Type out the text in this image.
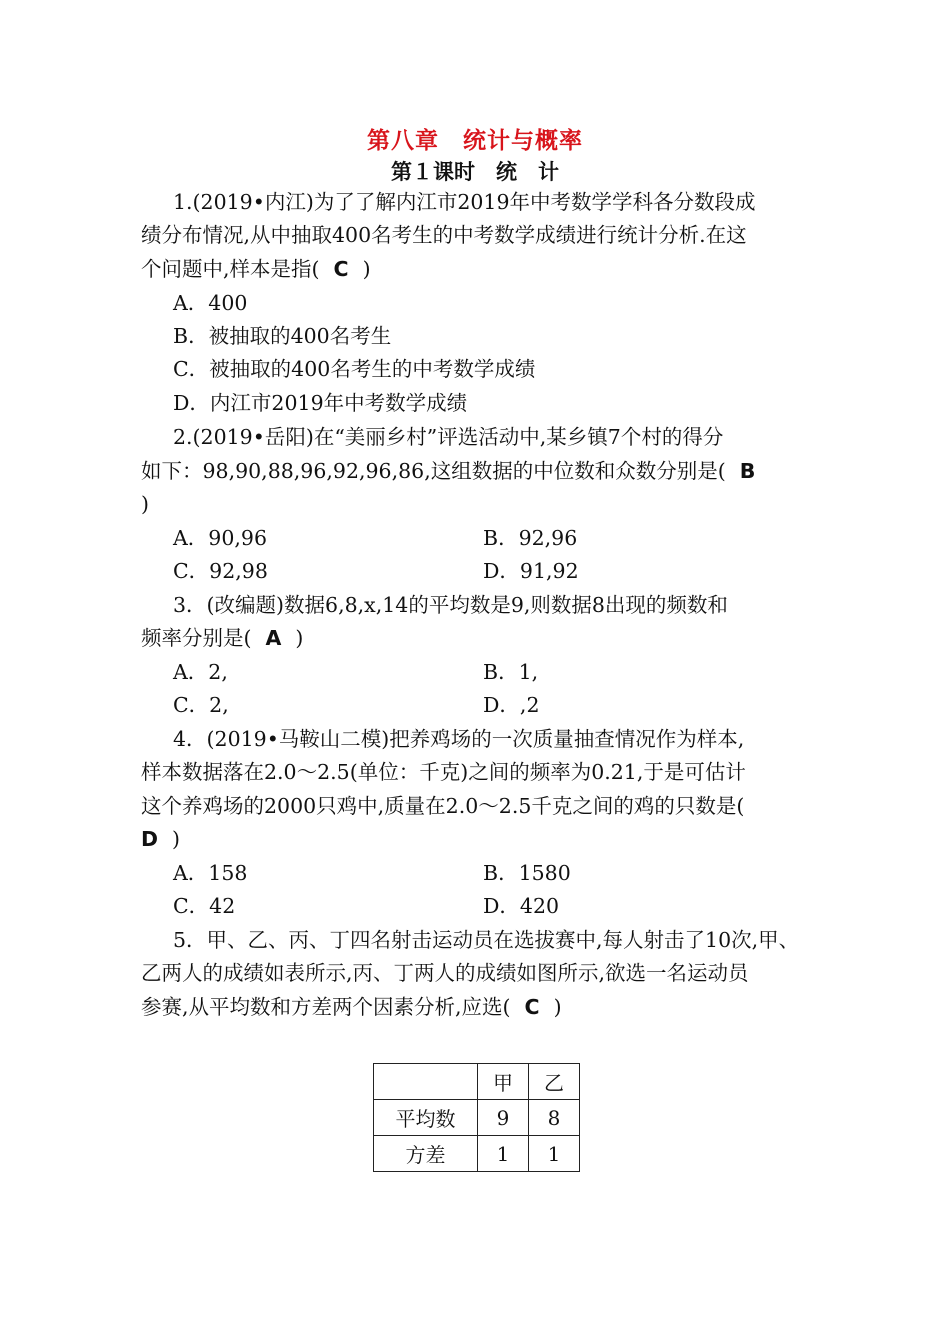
第八章　统计与概率
第１课时　统　计
1.(2019•内江)为了了解内江市2019年中考数学学科各分数段成
绩分布情况,从中抽取400名考生的中考数学成绩进行统计分析.在这
个问题中,样本是指( C )
A．400
B．被抽取的400名考生
C．被抽取的400名考生的中考数学成绩
D．内江市2019年中考数学成绩
2.(2019•岳阳)在“美丽乡村”评选活动中,某乡镇7个村的得分
如下：98,90,88,96,92,96,86,这组数据的中位数和众数分别是( B
)
A．90,96	B．92,96
C．92,98	D．91,92
3．(改编题)数据6,8,x,14的平均数是9,则数据8出现的频数和
频率分别是( A )
A．2,	B．1,
C．2,	D．,2
4．(2019•马鞍山二模)把养鸡场的一次质量抽查情况作为样本,
样本数据落在2.0～2.5(单位：千克)之间的频率为0.21,于是可估计
这个养鸡场的2000只鸡中,质量在2.0～2.5千克之间的鸡的只数是(
D )
A．158	B．1580
C．42	D．420
5．甲、乙、丙、丁四名射击运动员在选拔赛中,每人射击了10次,甲、
乙两人的成绩如表所示,丙、丁两人的成绩如图所示,欲选一名运动员
参赛,从平均数和方差两个因素分析,应选( C )
	甲	乙
平均数	9	8
方差	1	1
